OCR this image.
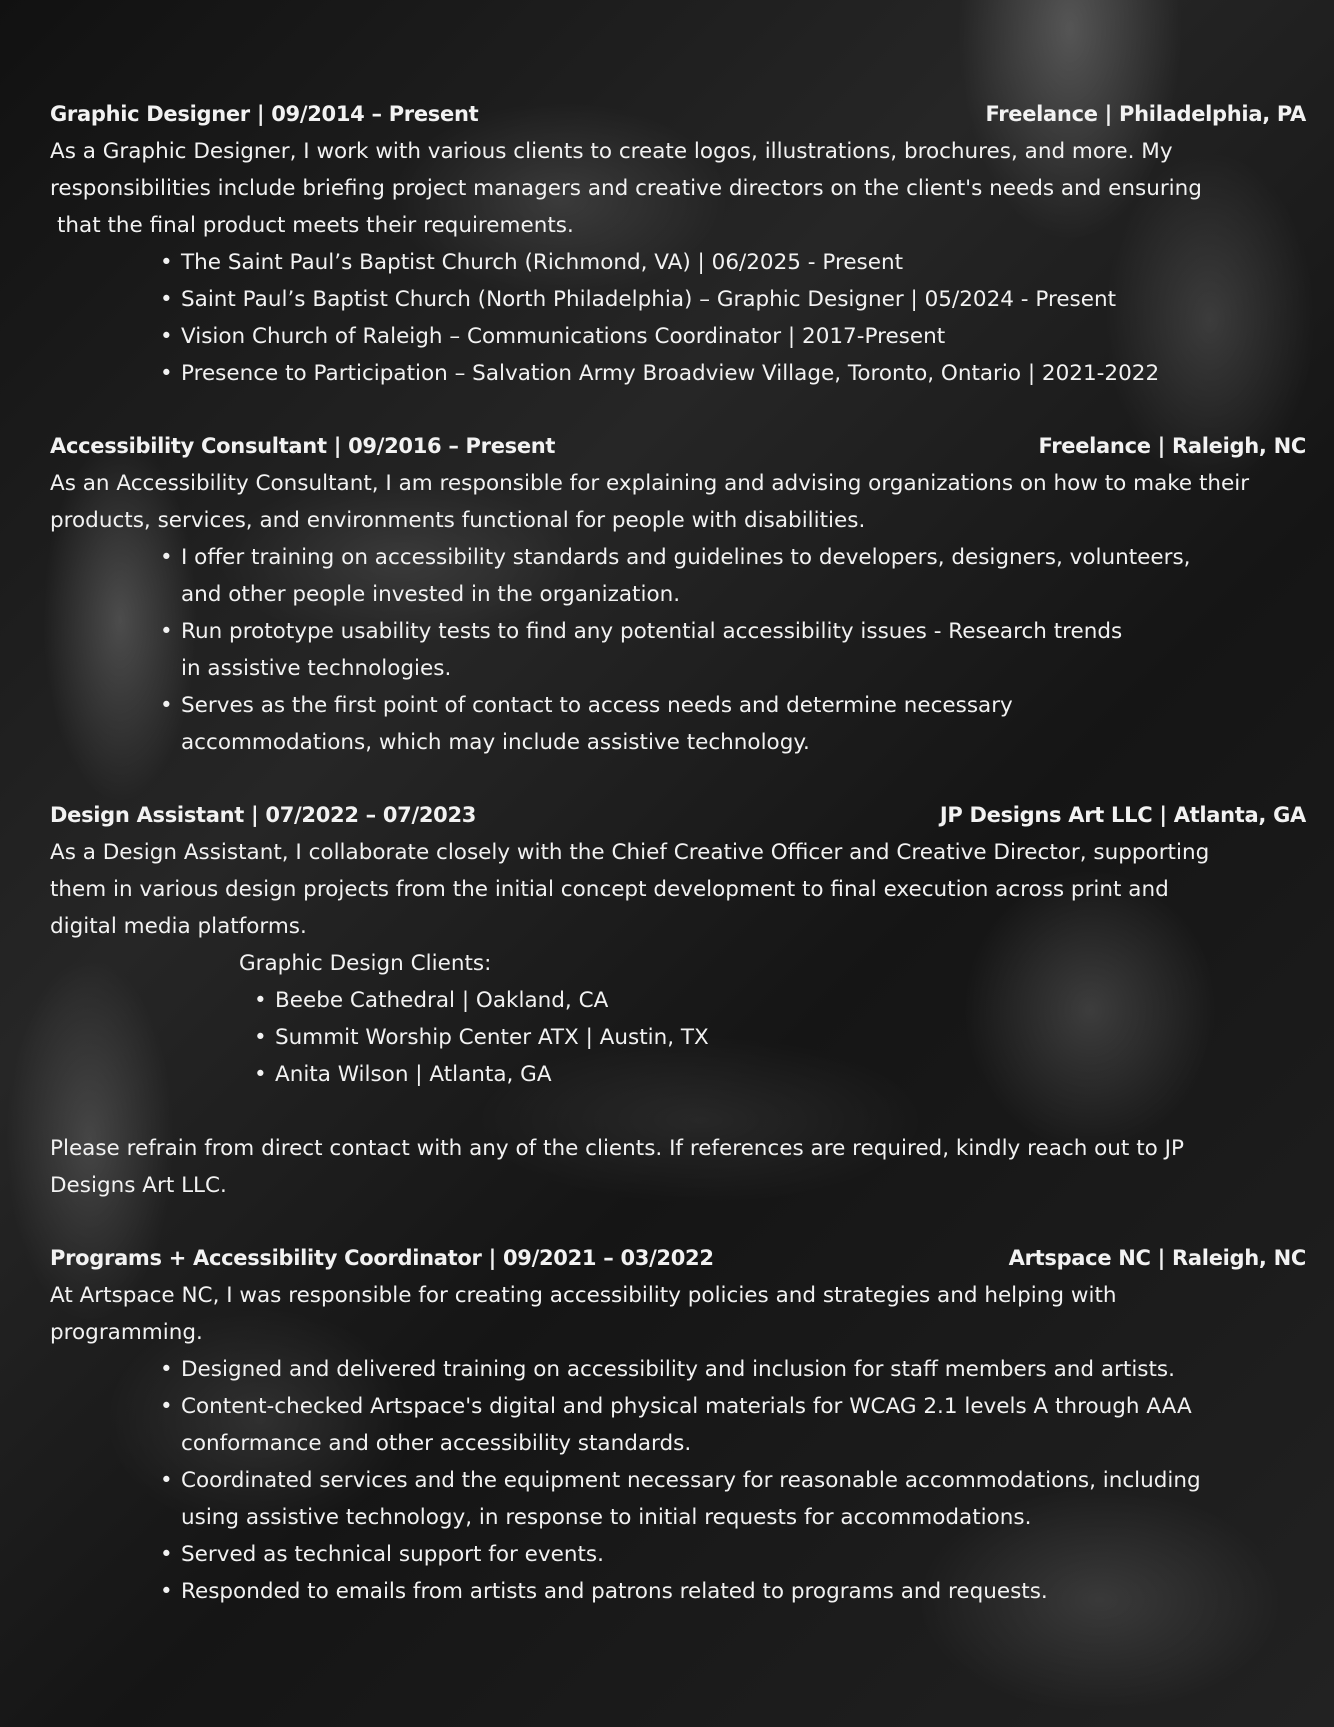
Graphic Designer | 09/2014 – Present	Freelance | Philadelphia, PA

As a Graphic Designer, I work with various clients to create logos, illustrations, brochures, and more. My
responsibilities include briefing project managers and creative directors on the client's needs and ensuring
that the final product meets their requirements.

• The Saint Paul’s Baptist Church (Richmond, VA) | 06/2025 - Present
• Saint Paul’s Baptist Church (North Philadelphia) – Graphic Designer | 05/2024 - Present
• Vision Church of Raleigh – Communications Coordinator | 2017-Present
• Presence to Participation – Salvation Army Broadview Village, Toronto, Ontario | 2021-2022
Accessibility Consultant | 09/2016 – Present	Freelance | Raleigh, NC

As an Accessibility Consultant, I am responsible for explaining and advising organizations on how to make their
products, services, and environments functional for people with disabilities.

• I offer training on accessibility standards and guidelines to developers, designers, volunteers,
and other people invested in the organization.
• Run prototype usability tests to find any potential accessibility issues - Research trends
in assistive technologies.
• Serves as the first point of contact to access needs and determine necessary
accommodations, which may include assistive technology.
Design Assistant | 07/2022 – 07/2023	JP Designs Art LLC | Atlanta, GA

As a Design Assistant, I collaborate closely with the Chief Creative Officer and Creative Director, supporting
them in various design projects from the initial concept development to final execution across print and
digital media platforms.

Graphic Design Clients:
• Beebe Cathedral | Oakland, CA
• Summit Worship Center ATX | Austin, TX
• Anita Wilson | Atlanta, GA

Please refrain from direct contact with any of the clients. If references are required, kindly reach out to JP
Designs Art LLC.

Programs + Accessibility Coordinator | 09/2021 – 03/2022	Artspace NC | Raleigh, NC

At Artspace NC, I was responsible for creating accessibility policies and strategies and helping with
programming.

• Designed and delivered training on accessibility and inclusion for staff members and artists.
• Content-checked Artspace's digital and physical materials for WCAG 2.1 levels A through AAA
conformance and other accessibility standards.
• Coordinated services and the equipment necessary for reasonable accommodations, including
using assistive technology, in response to initial requests for accommodations.
• Served as technical support for events.
• Responded to emails from artists and patrons related to programs and requests.
